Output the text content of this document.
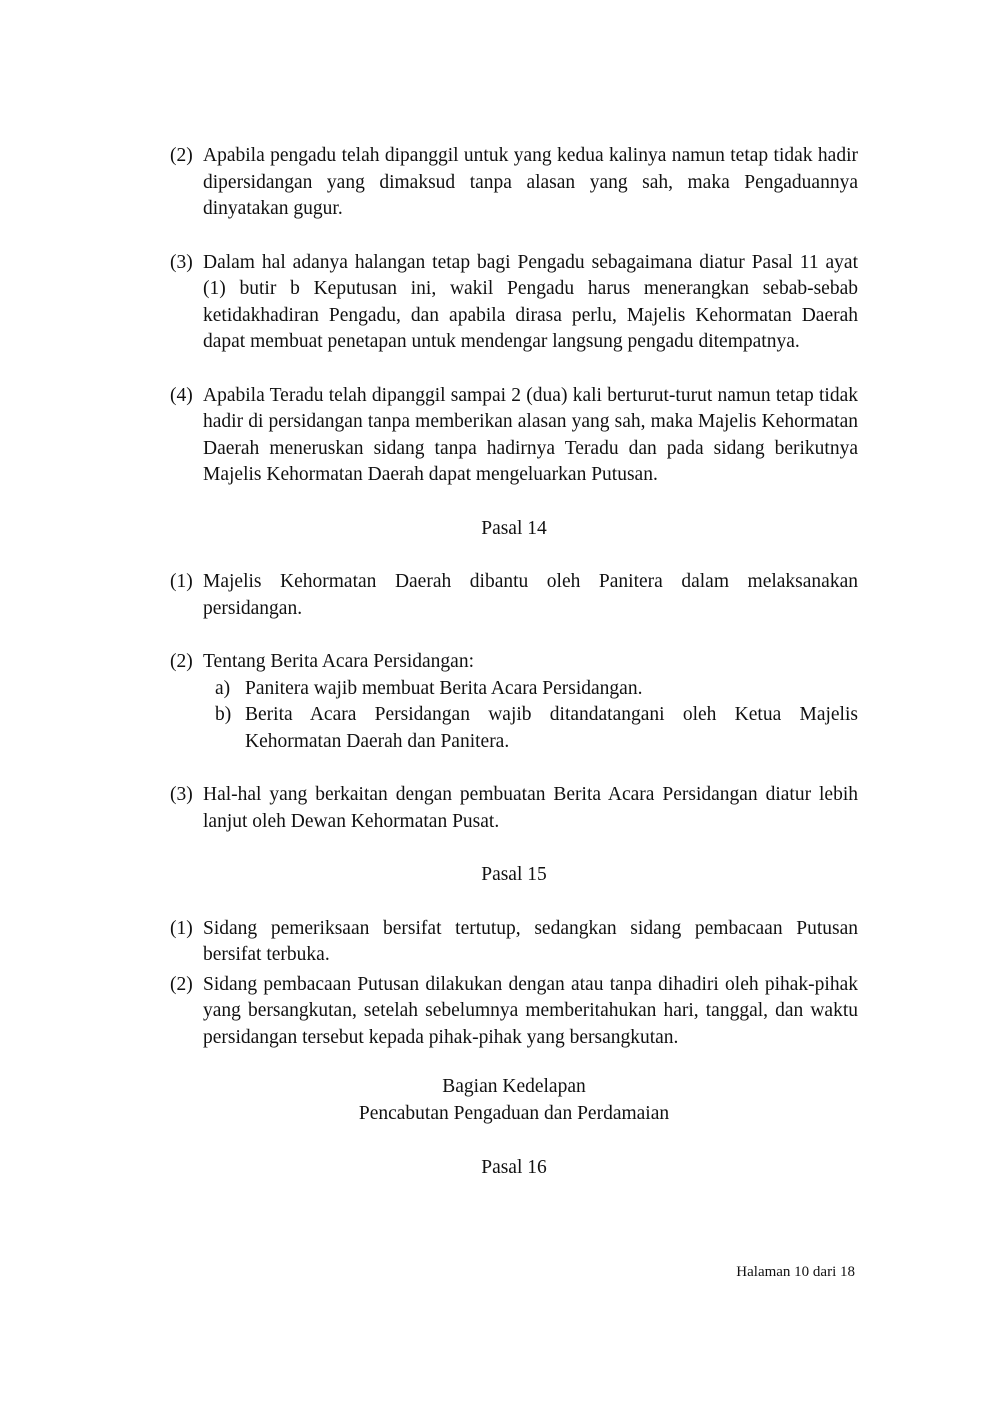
(2) Apabila pengadu telah dipanggil untuk yang kedua kalinya namun tetap tidak hadir dipersidangan yang dimaksud tanpa alasan yang sah, maka Pengaduannya dinyatakan gugur.
(3) Dalam hal adanya halangan tetap bagi Pengadu sebagaimana diatur Pasal 11 ayat (1) butir b Keputusan ini, wakil Pengadu harus menerangkan sebab-sebab ketidakhadiran Pengadu, dan apabila dirasa perlu, Majelis Kehormatan Daerah dapat membuat penetapan untuk mendengar langsung pengadu ditempatnya.
(4) Apabila Teradu telah dipanggil sampai 2 (dua) kali berturut-turut namun tetap tidak hadir di persidangan tanpa memberikan alasan yang sah, maka Majelis Kehormatan Daerah meneruskan sidang tanpa hadirnya Teradu dan pada sidang berikutnya Majelis Kehormatan Daerah dapat mengeluarkan Putusan.
Pasal 14
(1) Majelis Kehormatan Daerah dibantu oleh Panitera dalam melaksanakan persidangan.
(2) Tentang Berita Acara Persidangan:
a) Panitera wajib membuat Berita Acara Persidangan.
b) Berita Acara Persidangan wajib ditandatangani oleh Ketua Majelis Kehormatan Daerah dan Panitera.
(3) Hal-hal yang berkaitan dengan pembuatan Berita Acara Persidangan diatur lebih lanjut oleh Dewan Kehormatan Pusat.
Pasal 15
(1) Sidang pemeriksaan bersifat tertutup, sedangkan sidang pembacaan Putusan bersifat terbuka.
(2) Sidang pembacaan Putusan dilakukan dengan atau tanpa dihadiri oleh pihak-pihak yang bersangkutan, setelah sebelumnya memberitahukan hari, tanggal, dan waktu persidangan tersebut kepada pihak-pihak yang bersangkutan.
Bagian Kedelapan
Pencabutan Pengaduan dan Perdamaian
Pasal 16
Halaman 10 dari 18
